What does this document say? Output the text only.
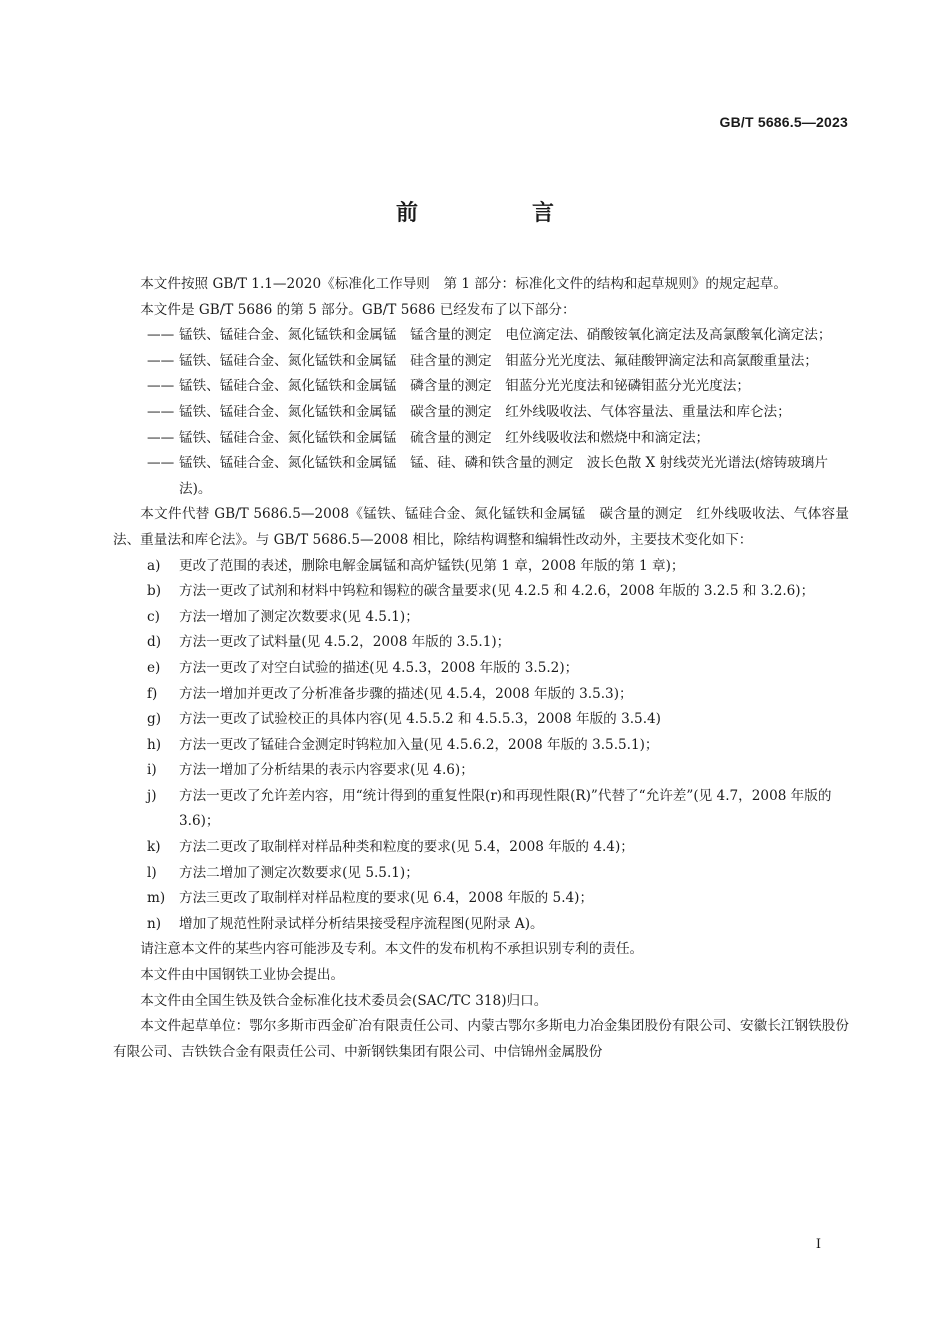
GB/T 5686.5—2023
前　言

本文件按照 GB/T 1.1—2020《标准化工作导则　第 1 部分：标准化文件的结构和起草规则》的规定起草。

本文件是 GB/T 5686 的第 5 部分。GB/T 5686 已经发布了以下部分：

—— 锰铁、锰硅合金、氮化锰铁和金属锰　锰含量的测定　电位滴定法、硝酸铵氧化滴定法及高氯酸氧化滴定法；

—— 锰铁、锰硅合金、氮化锰铁和金属锰　硅含量的测定　钼蓝分光光度法、氟硅酸钾滴定法和高氯酸重量法；

—— 锰铁、锰硅合金、氮化锰铁和金属锰　磷含量的测定　钼蓝分光光度法和铋磷钼蓝分光光度法；

—— 锰铁、锰硅合金、氮化锰铁和金属锰　碳含量的测定　红外线吸收法、气体容量法、重量法和库仑法；

—— 锰铁、锰硅合金、氮化锰铁和金属锰　硫含量的测定　红外线吸收法和燃烧中和滴定法；

—— 锰铁、锰硅合金、氮化锰铁和金属锰　锰、硅、磷和铁含量的测定　波长色散 X 射线荧光光谱法(熔铸玻璃片法)。

本文件代替 GB/T 5686.5—2008《锰铁、锰硅合金、氮化锰铁和金属锰　碳含量的测定　红外线吸收法、气体容量法、重量法和库仑法》。与 GB/T 5686.5—2008 相比，除结构调整和编辑性改动外，主要技术变化如下：

a) 更改了范围的表述，删除电解金属锰和高炉锰铁(见第 1 章，2008 年版的第 1 章)；

b) 方法一更改了试剂和材料中钨粒和锡粒的碳含量要求(见 4.2.5 和 4.2.6，2008 年版的 3.2.5 和 3.2.6)；

c) 方法一增加了测定次数要求(见 4.5.1)；

d) 方法一更改了试料量(见 4.5.2，2008 年版的 3.5.1)；

e) 方法一更改了对空白试验的描述(见 4.5.3，2008 年版的 3.5.2)；

f) 方法一增加并更改了分析准备步骤的描述(见 4.5.4，2008 年版的 3.5.3)；

g) 方法一更改了试验校正的具体内容(见 4.5.5.2 和 4.5.5.3，2008 年版的 3.5.4)

h) 方法一更改了锰硅合金测定时钨粒加入量(见 4.5.6.2，2008 年版的 3.5.5.1)；

i) 方法一增加了分析结果的表示内容要求(见 4.6)；

j) 方法一更改了允许差内容，用“统计得到的重复性限(r)和再现性限(R)”代替了“允许差”(见 4.7，2008 年版的 3.6)；

k) 方法二更改了取制样对样品种类和粒度的要求(见 5.4，2008 年版的 4.4)；

l) 方法二增加了测定次数要求(见 5.5.1)；

m) 方法三更改了取制样对样品粒度的要求(见 6.4，2008 年版的 5.4)；

n) 增加了规范性附录试样分析结果接受程序流程图(见附录 A)。

请注意本文件的某些内容可能涉及专利。本文件的发布机构不承担识别专利的责任。

本文件由中国钢铁工业协会提出。

本文件由全国生铁及铁合金标准化技术委员会(SAC/TC 318)归口。

本文件起草单位：鄂尔多斯市西金矿冶有限责任公司、内蒙古鄂尔多斯电力冶金集团股份有限公司、安徽长江钢铁股份有限公司、吉铁铁合金有限责任公司、中新钢铁集团有限公司、中信锦州金属股份

I
